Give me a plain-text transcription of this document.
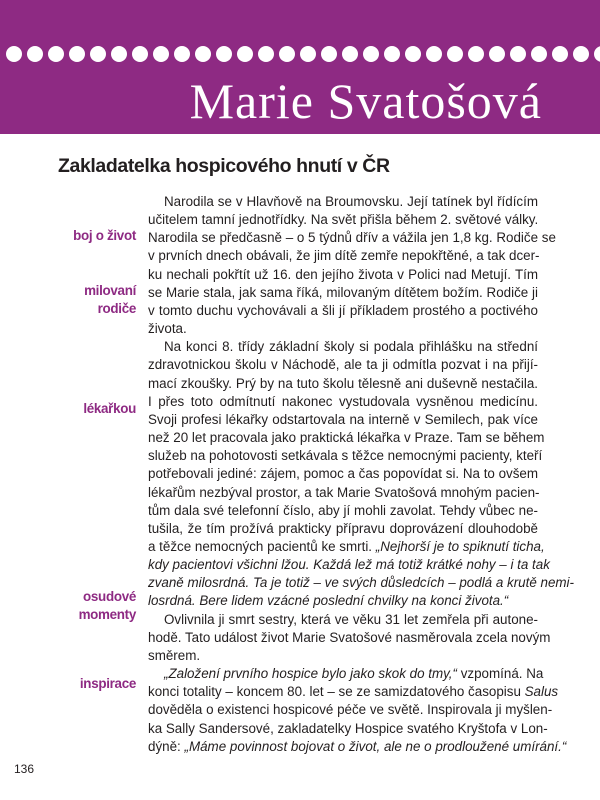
Marie Svatošová
Zakladatelka hospicového hnutí v ČR
boj o život
milovaní
rodiče
lékařkou
osudové
momenty
inspirace
Narodila se v Hlavňově na Broumovsku. Její tatínek byl řídícím
učitelem tamní jednotřídky. Na svět přišla během 2. světové války.
Narodila se předčasně – o 5 týdnů dřív a vážila jen 1,8 kg. Rodiče se
v prvních dnech obávali, že jim dítě zemře nepokřtěné, a tak dcer-
ku nechali pokřtít už 16. den jejího života v Polici nad Metují. Tím
se Marie stala, jak sama říká, milovaným dítětem božím. Rodiče ji
v tomto duchu vychovávali a šli jí příkladem prostého a poctivého
života.
Na konci 8. třídy základní školy si podala přihlášku na střední
zdravotnickou školu v Náchodě, ale ta ji odmítla pozvat i na přijí-
mací zkoušky. Prý by na tuto školu tělesně ani duševně nestačila.
I přes toto odmítnutí nakonec vystudovala vysněnou medicínu.
Svoji profesi lékařky odstartovala na interně v Semilech, pak více
než 20 let pracovala jako praktická lékařka v Praze. Tam se během
služeb na pohotovosti setkávala s těžce nemocnými pacienty, kteří
potřebovali jediné: zájem, pomoc a čas popovídat si. Na to ovšem
lékařům nezbýval prostor, a tak Marie Svatošová mnohým pacien-
tům dala své telefonní číslo, aby jí mohli zavolat. Tehdy vůbec ne-
tušila, že tím prožívá prakticky přípravu doprovázení dlouhodobě
a těžce nemocných pacientů ke smrti. „Nejhorší je to spiknutí ticha,
kdy pacientovi všichni lžou. Každá lež má totiž krátké nohy – i ta tak
zvaně milosrdná. Ta je totiž – ve svých důsledcích – podlá a krutě nemi-
losrdná. Bere lidem vzácné poslední chvilky na konci života.“
Ovlivnila ji smrt sestry, která ve věku 31 let zemřela při autone-
hodě. Tato událost život Marie Svatošové nasměrovala zcela novým
směrem.
„Založení prvního hospice bylo jako skok do tmy,“ vzpomíná. Na
konci totality – koncem 80. let – se ze samizdatového časopisu Salus
dověděla o existenci hospicové péče ve světě. Inspirovala ji myšlen-
ka Sally Sandersové, zakladatelky Hospice svatého Kryštofa v Lon-
dýně: „Máme povinnost bojovat o život, ale ne o prodloužené umírání.“
136
